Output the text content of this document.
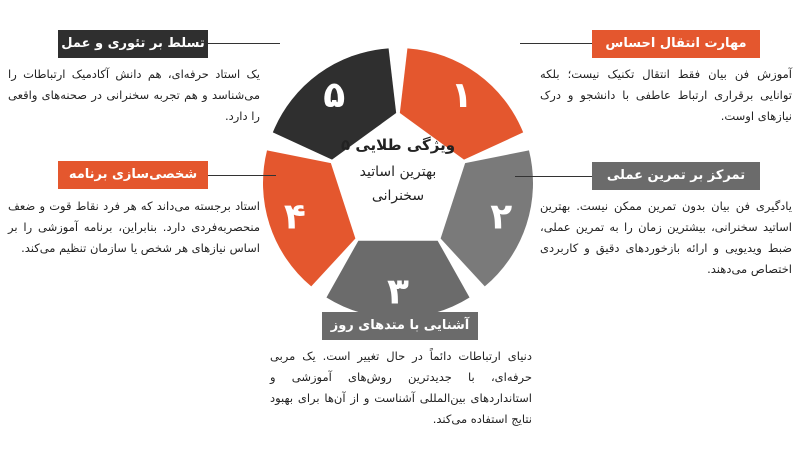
۱
۲
۳
۴
۵
۵ ویژگی طلایی
بهترین اساتید
سخنرانی
مهارت انتقال احساس

آموزش فن بیان فقط انتقال تکنیک نیست؛ بلکه توانایی برقراری ارتباط عاطفی با دانشجو و درک نیازهای اوست.

تمرکز بر تمرین عملی

یادگیری فن بیان بدون تمرین ممکن نیست. بهترین اساتید سخنرانی، بیشترین زمان را به تمرین عملی، ضبط ویدیویی و ارائه بازخوردهای دقیق و کاربردی اختصاص می‌دهند.

آشنایی با متدهای روز

دنیای ارتباطات دائماً در حال تغییر است. یک مربی حرفه‌ای، با جدیدترین روش‌های آموزشی و استانداردهای بین‌المللی آشناست و از آن‌ها برای بهبود نتایج استفاده می‌کند.

شخصی‌سازی برنامه

استاد برجسته می‌داند که هر فرد نقاط قوت و ضعف منحصربه‌فردی دارد. بنابراین، برنامه آموزشی را بر اساس نیازهای هر شخص یا سازمان تنظیم می‌کند.

تسلط بر تئوری و عمل

یک استاد حرفه‌ای، هم دانش آکادمیک ارتباطات را می‌شناسد و هم تجربه سخنرانی در صحنه‌های واقعی را دارد.
